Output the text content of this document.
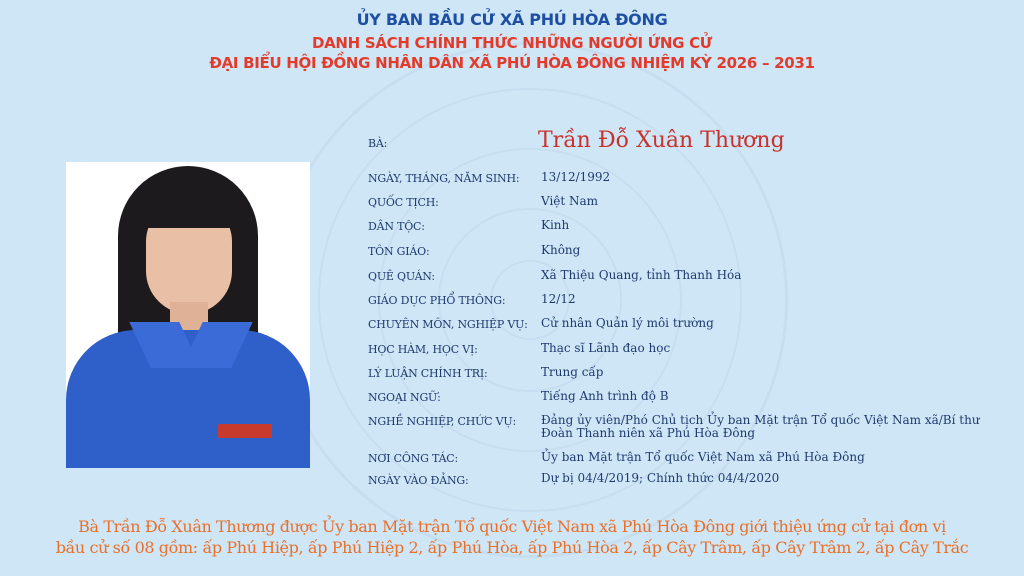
ỦY BAN BẦU CỬ XÃ PHÚ HÒA ĐÔNG
DANH SÁCH CHÍNH THỨC NHỮNG NGƯỜI ỨNG CỬ
ĐẠI BIỂU HỘI ĐỒNG NHÂN DÂN XÃ PHÚ HÒA ĐÔNG NHIỆM KỲ 2026 – 2031
BÀ:	Trần Đỗ Xuân Thương
NGÀY, THÁNG, NĂM SINH: 13/12/1992
QUỐC TỊCH:	Việt Nam
DÂN TỘC:	Kinh
TÔN GIÁO:	Không
QUÊ QUÁN:	Xã Thiệu Quang, tỉnh Thanh Hóa
GIÁO DỤC PHỔ THÔNG:	12/12
CHUYÊN MÔN, NGHIỆP VỤ: Cử nhân Quản lý môi trường
HỌC HÀM, HỌC VỊ:	Thạc sĩ Lãnh đạo học
LÝ LUẬN CHÍNH TRỊ:	Trung cấp
NGOẠI NGỮ:	Tiếng Anh trình độ B
NGHỀ NGHIỆP, CHỨC VỤ: Đảng ủy viên/Phó Chủ tịch Ủy ban Mặt trận Tổ quốc Việt Nam xã/Bí thư Đoàn Thanh niên xã Phú Hòa Đông
NƠI CÔNG TÁC:	Ủy ban Mặt trận Tổ quốc Việt Nam xã Phú Hòa Đông
NGÀY VÀO ĐẢNG:	Dự bị 04/4/2019; Chính thức 04/4/2020
Bà Trần Đỗ Xuân Thương được Ủy ban Mặt trận Tổ quốc Việt Nam xã Phú Hòa Đông giới thiệu ứng cử tại đơn vị
bầu cử số 08 gồm: ấp Phú Hiệp, ấp Phú Hiệp 2, ấp Phú Hòa, ấp Phú Hòa 2, ấp Cây Trâm, ấp Cây Trâm 2, ấp Cây Trắc
